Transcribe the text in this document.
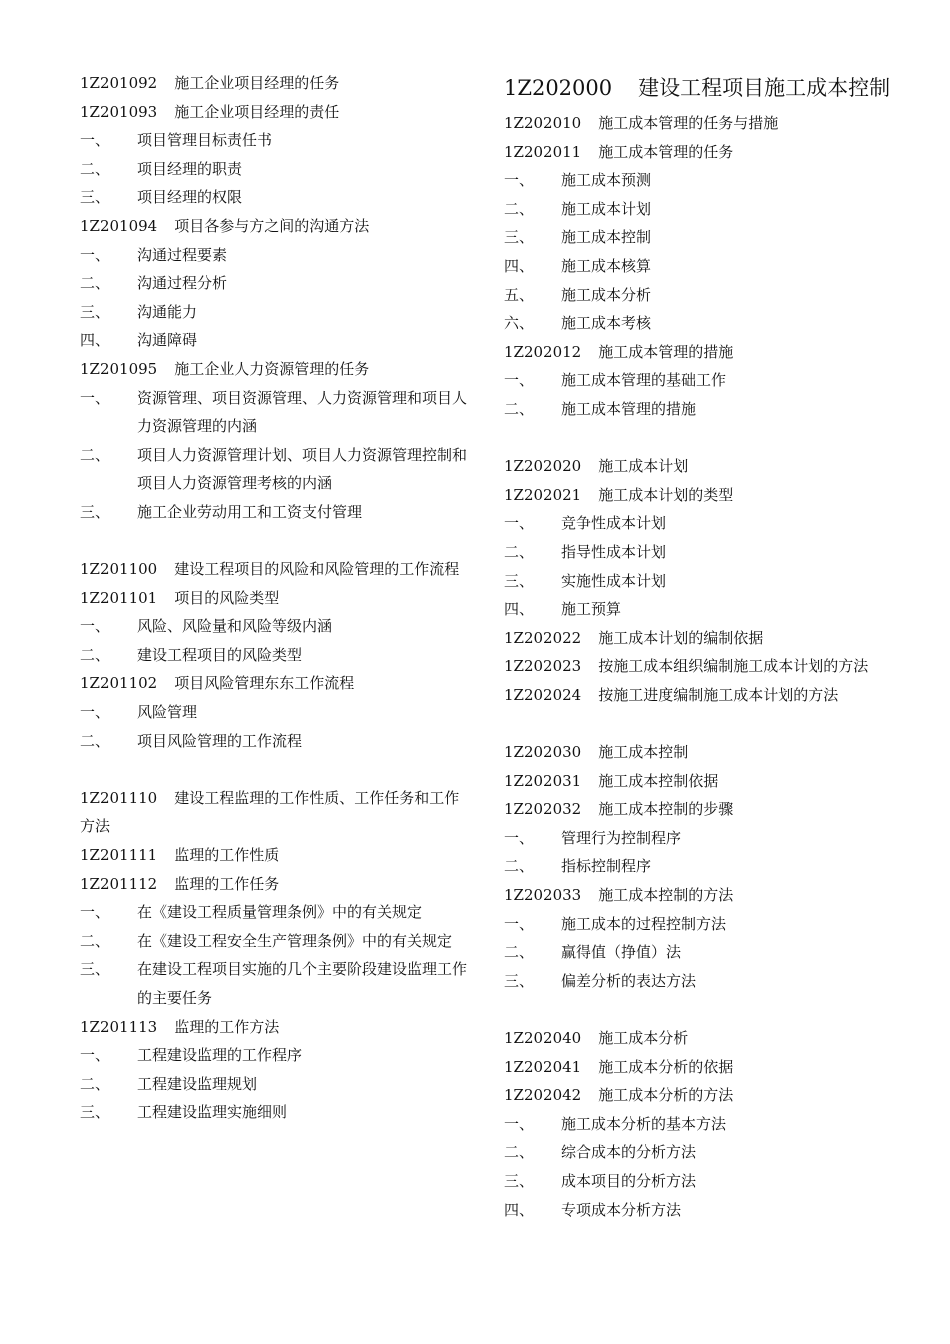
1Z201092 施工企业项目经理的任务
1Z201093 施工企业项目经理的责任
一、	项目管理目标责任书
二、	项目经理的职责
三、	项目经理的权限
1Z201094 项目各参与方之间的沟通方法
一、	沟通过程要素
二、	沟通过程分析
三、	沟通能力
四、	沟通障碍
1Z201095 施工企业人力资源管理的任务
一、	资源管理、项目资源管理、人力资源管理和项目人力资源管理的内涵
二、	项目人力资源管理计划、项目人力资源管理控制和项目人力资源管理考核的内涵
三、	施工企业劳动用工和工资支付管理
1Z201100 建设工程项目的风险和风险管理的工作流程
1Z201101 项目的风险类型
一、	风险、风险量和风险等级内涵
二、	建设工程项目的风险类型
1Z201102 项目风险管理东东工作流程
一、	风险管理
二、	项目风险管理的工作流程
1Z201110 建设工程监理的工作性质、工作任务和工作方法
1Z201111 监理的工作性质
1Z201112 监理的工作任务
一、	在《建设工程质量管理条例》中的有关规定
二、	在《建设工程安全生产管理条例》中的有关规定
三、	在建设工程项目实施的几个主要阶段建设监理工作的主要任务
1Z201113 监理的工作方法
一、	工程建设监理的工作程序
二、	工程建设监理规划
三、	工程建设监理实施细则
1Z202000 建设工程项目施工成本控制
1Z202010 施工成本管理的任务与措施
1Z202011 施工成本管理的任务
一、	施工成本预测
二、	施工成本计划
三、	施工成本控制
四、	施工成本核算
五、	施工成本分析
六、	施工成本考核
1Z202012 施工成本管理的措施
一、	施工成本管理的基础工作
二、	施工成本管理的措施
1Z202020 施工成本计划
1Z202021 施工成本计划的类型
一、	竞争性成本计划
二、	指导性成本计划
三、	实施性成本计划
四、	施工预算
1Z202022 施工成本计划的编制依据
1Z202023 按施工成本组织编制施工成本计划的方法
1Z202024 按施工进度编制施工成本计划的方法
1Z202030 施工成本控制
1Z202031 施工成本控制依据
1Z202032 施工成本控制的步骤
一、	管理行为控制程序
二、	指标控制程序
1Z202033 施工成本控制的方法
一、	施工成本的过程控制方法
二、	赢得值（挣值）法
三、	偏差分析的表达方法
1Z202040 施工成本分析
1Z202041 施工成本分析的依据
1Z202042 施工成本分析的方法
一、	施工成本分析的基本方法
二、	综合成本的分析方法
三、	成本项目的分析方法
四、	专项成本分析方法
